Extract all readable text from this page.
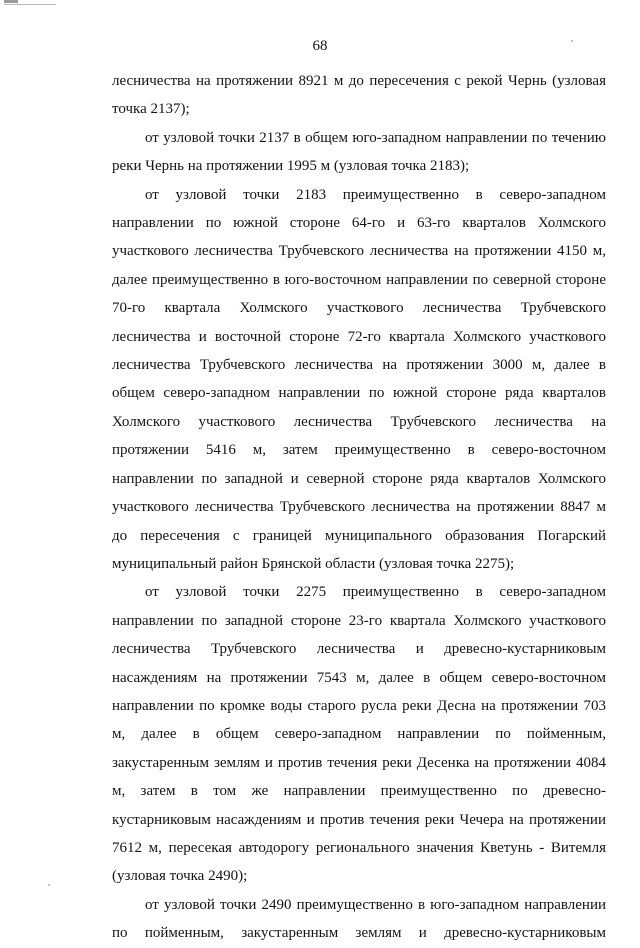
68

лесничества на протяжении 8921 м до пересечения с рекой Чернь (узловая точка 2137);

от узловой точки 2137 в общем юго-западном направлении по течению реки Чернь на протяжении 1995 м (узловая точка 2183);

от узловой точки 2183 преимущественно в северо-западном направлении по южной стороне 64-го и 63-го кварталов Холмского участкового лесничества Трубчевского лесничества на протяжении 4150 м, далее преимущественно в юго-восточном направлении по северной стороне 70-го квартала Холмского участкового лесничества Трубчевского лесничества и восточной стороне 72-го квартала Холмского участкового лесничества Трубчевского лесничества на протяжении 3000 м, далее в общем северо-западном направлении по южной стороне ряда кварталов Холмского участкового лесничества Трубчевского лесничества на протяжении 5416 м, затем преимущественно в северо-восточном направлении по западной и северной стороне ряда кварталов Холмского участкового лесничества Трубчевского лесничества на протяжении 8847 м до пересечения с границей муниципального образования Погарский муниципальный район Брянской области (узловая точка 2275);

от узловой точки 2275 преимущественно в северо-западном направлении по западной стороне 23-го квартала Холмского участкового лесничества Трубчевского лесничества и древесно-кустарниковым насаждениям на протяжении 7543 м, далее в общем северо-восточном направлении по кромке воды старого русла реки Десна на протяжении 703 м, далее в общем северо-западном направлении по пойменным, закустаренным землям и против течения реки Десенка на протяжении 4084 м, затем в том же направлении преимущественно по древесно-кустарниковым насаждениям и против течения реки Чечера на протяжении 7612 м, пересекая автодорогу регионального значения Кветунь - Витемля (узловая точка 2490);

от узловой точки 2490 преимущественно в юго-западном направлении по пойменным, закустаренным землям и древесно-кустарниковым
